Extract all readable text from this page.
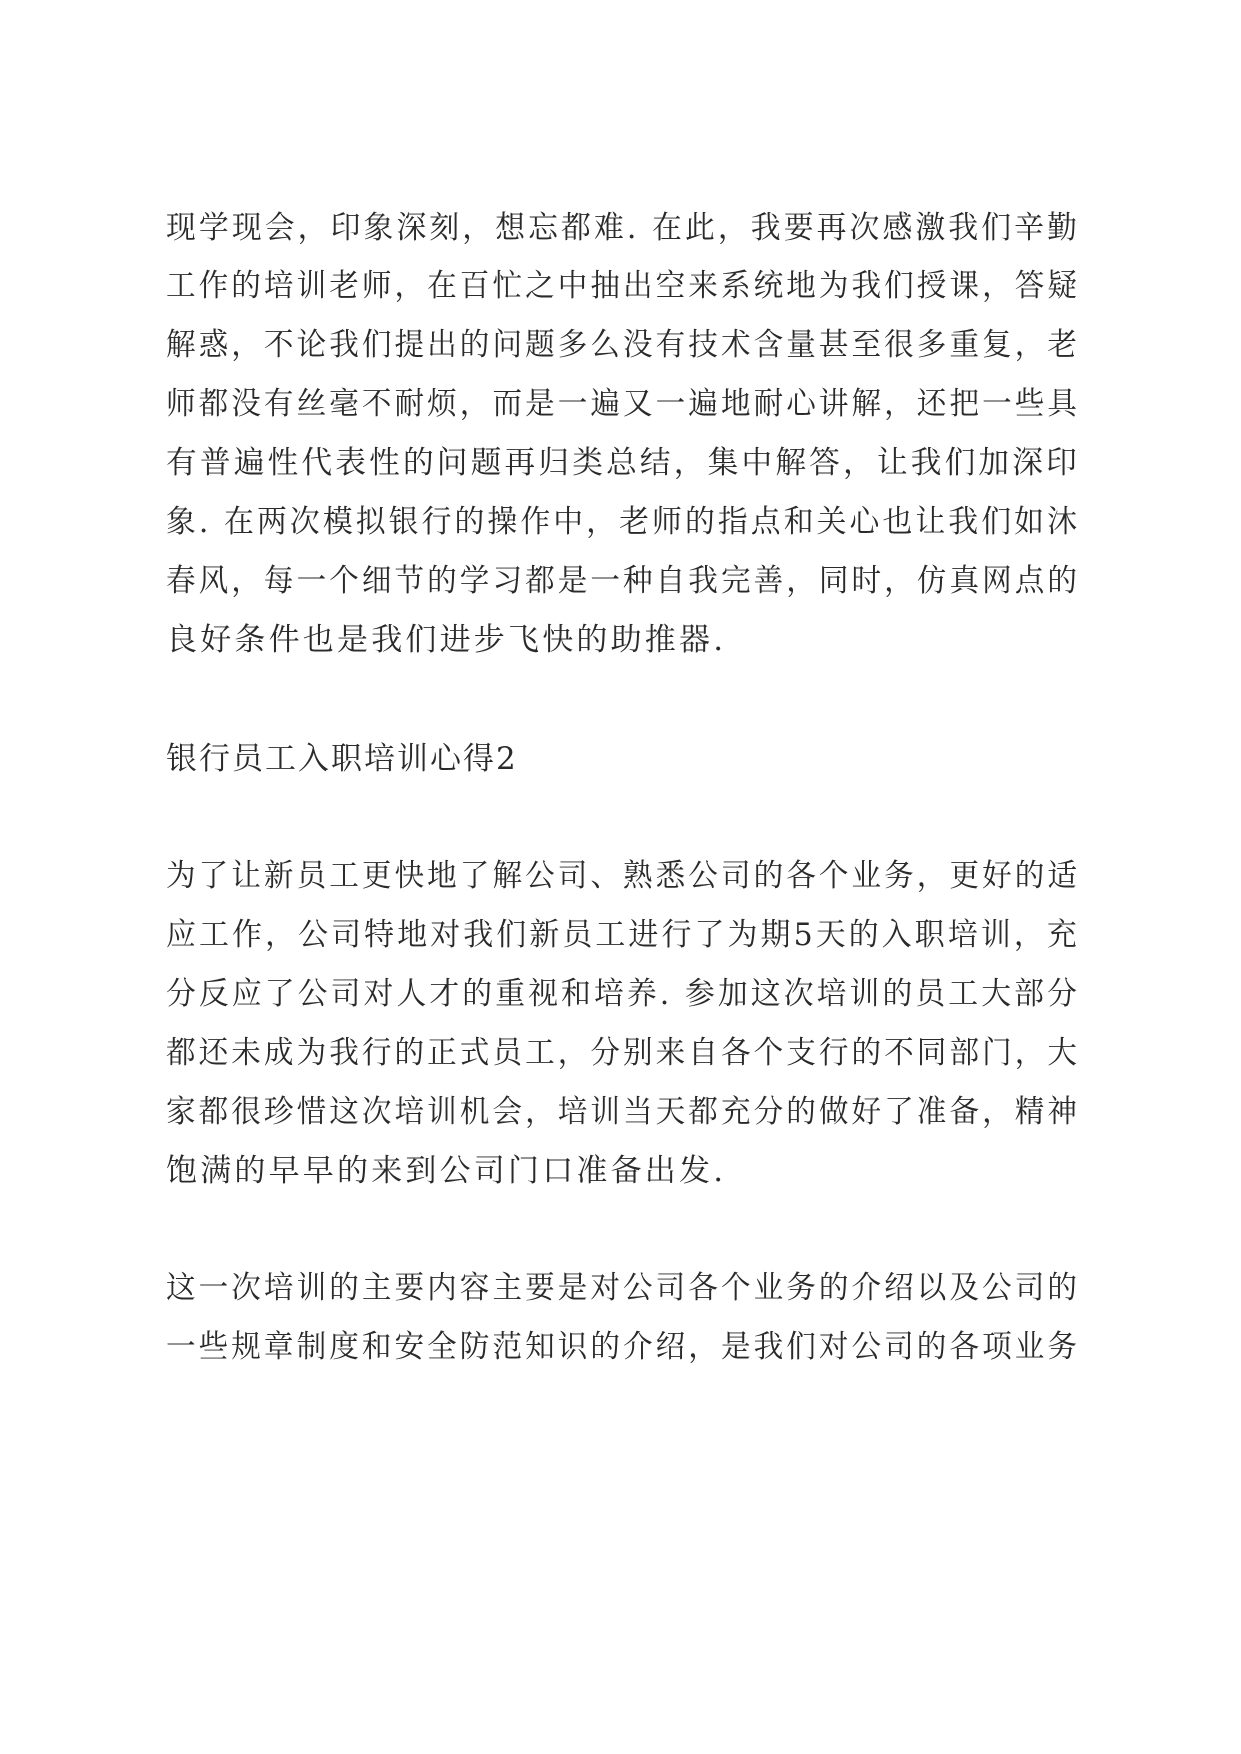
现学现会，印象深刻，想忘都难. 在此，我要再次感激我们辛勤
工作的培训老师，在百忙之中抽出空来系统地为我们授课，答疑
解惑，不论我们提出的问题多么没有技术含量甚至很多重复，老
师都没有丝毫不耐烦，而是一遍又一遍地耐心讲解，还把一些具
有普遍性代表性的问题再归类总结，集中解答，让我们加深印
象. 在两次模拟银行的操作中，老师的指点和关心也让我们如沐
春风，每一个细节的学习都是一种自我完善，同时，仿真网点的
良好条件也是我们进步飞快的助推器.
银行员工入职培训心得2
为了让新员工更快地了解公司、熟悉公司的各个业务，更好的适
应工作，公司特地对我们新员工进行了为期5天的入职培训，充
分反应了公司对人才的重视和培养. 参加这次培训的员工大部分
都还未成为我行的正式员工，分别来自各个支行的不同部门，大
家都很珍惜这次培训机会，培训当天都充分的做好了准备，精神
饱满的早早的来到公司门口准备出发.
这一次培训的主要内容主要是对公司各个业务的介绍以及公司的
一些规章制度和安全防范知识的介绍，是我们对公司的各项业务
